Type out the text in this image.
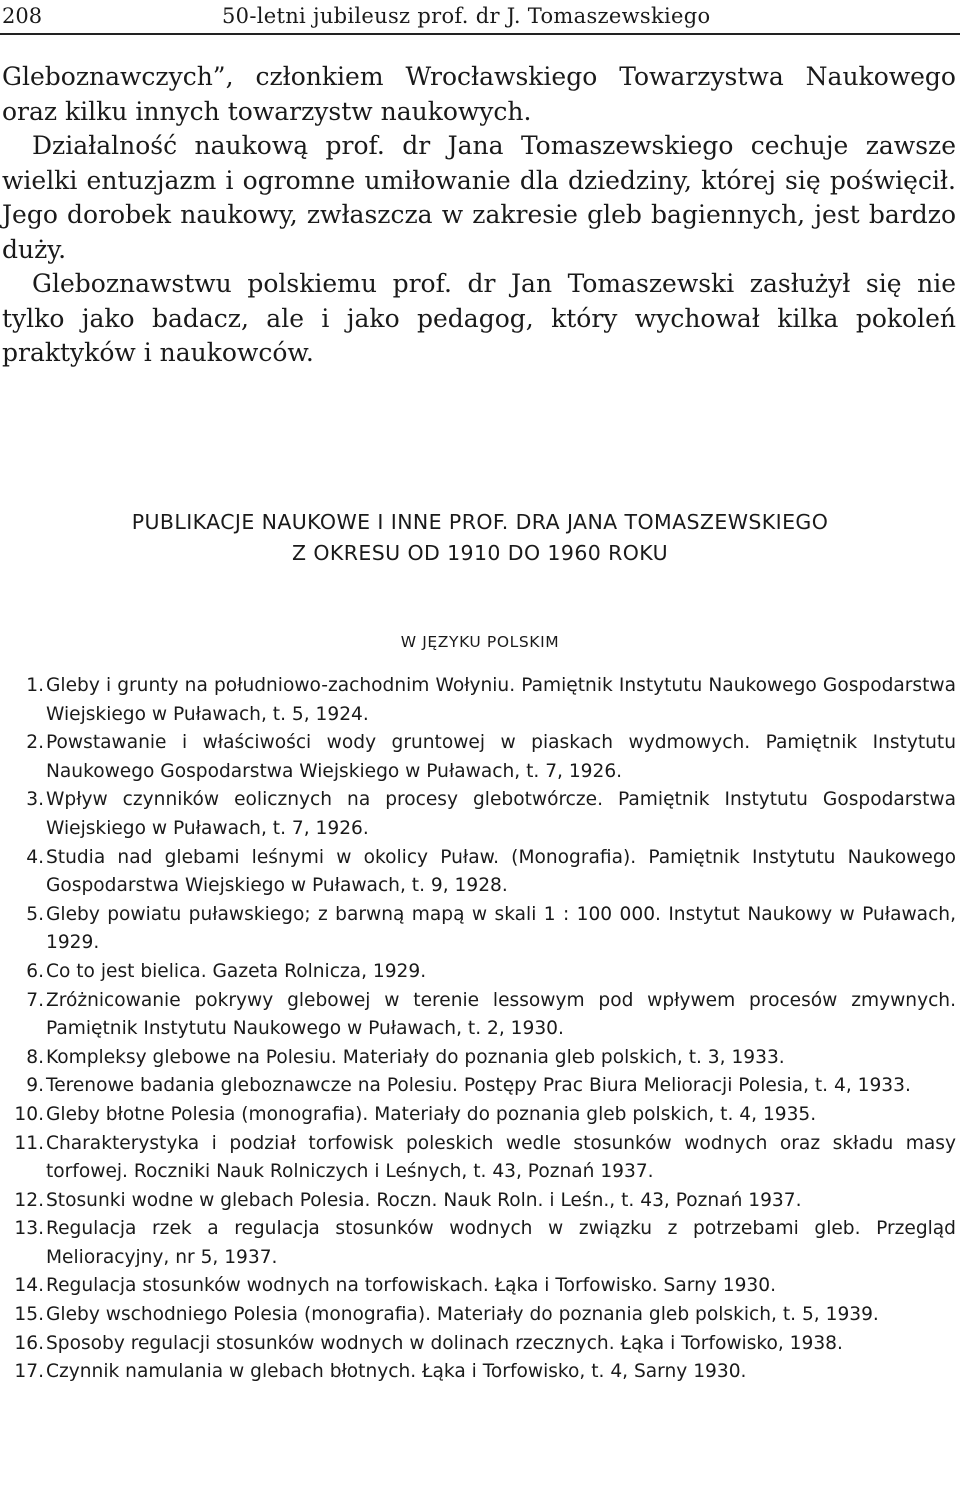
208	50-letni jubileusz prof. dr J. Tomaszewskiego

Gleboznawczych”, członkiem Wrocławskiego Towarzystwa Naukowego oraz kilku innych towarzystw naukowych.

Działalność naukową prof. dr Jana Tomaszewskiego cechuje zawsze wielki entuzjazm i ogromne umiłowanie dla dziedziny, której się poświęcił. Jego dorobek naukowy, zwłaszcza w zakresie gleb bagiennych, jest bardzo duży.

Gleboznawstwu polskiemu prof. dr Jan Tomaszewski zasłużył się nie tylko jako badacz, ale i jako pedagog, który wychował kilka pokoleń praktyków i naukowców.

PUBLIKACJE NAUKOWE I INNE PROF. DRA JANA TOMASZEWSKIEGO
Z OKRESU OD 1910 DO 1960 ROKU
W JĘZYKU POLSKIM
1. Gleby i grunty na południowo-zachodnim Wołyniu. Pamiętnik Instytutu Naukowego Gospodarstwa Wiejskiego w Puławach, t. 5, 1924.
2. Powstawanie i właściwości wody gruntowej w piaskach wydmowych. Pamiętnik Instytutu Naukowego Gospodarstwa Wiejskiego w Puławach, t. 7, 1926.
3. Wpływ czynników eolicznych na procesy glebotwórcze. Pamiętnik Instytutu Gospodarstwa Wiejskiego w Puławach, t. 7, 1926.
4. Studia nad glebami leśnymi w okolicy Puław. (Monografia). Pamiętnik Instytutu Naukowego Gospodarstwa Wiejskiego w Puławach, t. 9, 1928.
5. Gleby powiatu puławskiego; z barwną mapą w skali 1 : 100 000. Instytut Naukowy w Puławach, 1929.
6. Co to jest bielica. Gazeta Rolnicza, 1929.
7. Zróżnicowanie pokrywy glebowej w terenie lessowym pod wpływem procesów zmywnych. Pamiętnik Instytutu Naukowego w Puławach, t. 2, 1930.
8. Kompleksy glebowe na Polesiu. Materiały do poznania gleb polskich, t. 3, 1933.
9. Terenowe badania gleboznawcze na Polesiu. Postępy Prac Biura Melioracji Polesia, t. 4, 1933.
10. Gleby błotne Polesia (monografia). Materiały do poznania gleb polskich, t. 4, 1935.
11. Charakterystyka i podział torfowisk poleskich wedle stosunków wodnych oraz składu masy torfowej. Roczniki Nauk Rolniczych i Leśnych, t. 43, Poznań 1937.
12. Stosunki wodne w glebach Polesia. Roczn. Nauk Roln. i Leśn., t. 43, Poznań 1937.
13. Regulacja rzek a regulacja stosunków wodnych w związku z potrzebami gleb. Przegląd Melioracyjny, nr 5, 1937.
14. Regulacja stosunków wodnych na torfowiskach. Łąka i Torfowisko. Sarny 1930.
15. Gleby wschodniego Polesia (monografia). Materiały do poznania gleb polskich, t. 5, 1939.
16. Sposoby regulacji stosunków wodnych w dolinach rzecznych. Łąka i Torfowisko, 1938.
17. Czynnik namulania w glebach błotnych. Łąka i Torfowisko, t. 4, Sarny 1930.
